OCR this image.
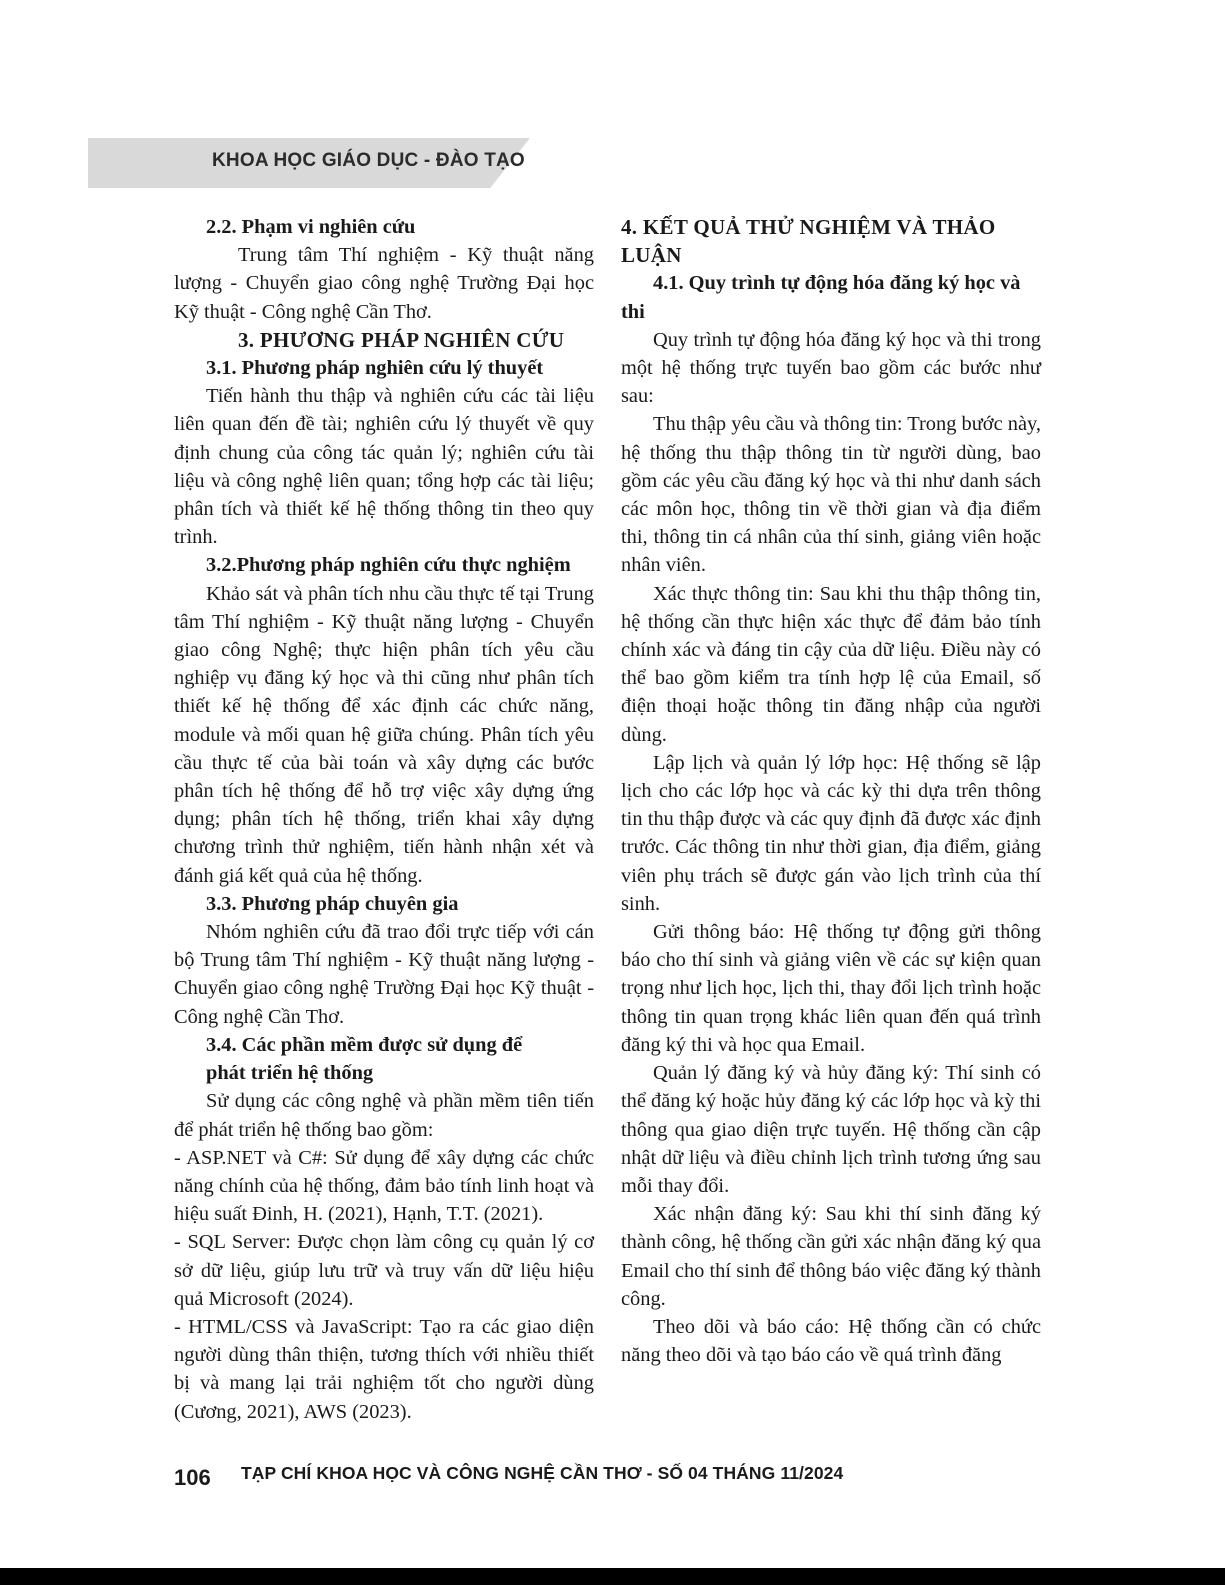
KHOA HỌC GIÁO DỤC - ĐÀO TẠO
2.2. Phạm vi nghiên cứu

Trung tâm Thí nghiệm - Kỹ thuật năng lượng - Chuyển giao công nghệ Trường Đại học Kỹ thuật - Công nghệ Cần Thơ.

3. PHƯƠNG PHÁP NGHIÊN CỨU
3.1. Phương pháp nghiên cứu lý thuyết

Tiến hành thu thập và nghiên cứu các tài liệu liên quan đến đề tài; nghiên cứu lý thuyết về quy định chung của công tác quản lý; nghiên cứu tài liệu và công nghệ liên quan; tổng hợp các tài liệu; phân tích và thiết kế hệ thống thông tin theo quy trình.

3.2.Phương pháp nghiên cứu thực nghiệm

Khảo sát và phân tích nhu cầu thực tế tại Trung tâm Thí nghiệm - Kỹ thuật năng lượng - Chuyển giao công Nghệ; thực hiện phân tích yêu cầu nghiệp vụ đăng ký học và thi cũng như phân tích thiết kế hệ thống để xác định các chức năng, module và mối quan hệ giữa chúng. Phân tích yêu cầu thực tế của bài toán và xây dựng các bước phân tích hệ thống để hỗ trợ việc xây dựng ứng dụng; phân tích hệ thống, triển khai xây dựng chương trình thử nghiệm, tiến hành nhận xét và đánh giá kết quả của hệ thống.

3.3. Phương pháp chuyên gia

Nhóm nghiên cứu đã trao đổi trực tiếp với cán bộ Trung tâm Thí nghiệm - Kỹ thuật năng lượng - Chuyển giao công nghệ Trường Đại học Kỹ thuật - Công nghệ Cần Thơ.

3.4. Các phần mềm được sử dụng để
phát triển hệ thống

Sử dụng các công nghệ và phần mềm tiên tiến để phát triển hệ thống bao gồm:

- ASP.NET và C#: Sử dụng để xây dựng các chức năng chính của hệ thống, đảm bảo tính linh hoạt và hiệu suất Đinh, H. (2021), Hạnh, T.T. (2021).

- SQL Server: Được chọn làm công cụ quản lý cơ sở dữ liệu, giúp lưu trữ và truy vấn dữ liệu hiệu quả Microsoft (2024).

- HTML/CSS và JavaScript: Tạo ra các giao diện người dùng thân thiện, tương thích với nhiều thiết bị và mang lại trải nghiệm tốt cho người dùng (Cương, 2021), AWS (2023).

4. KẾT QUẢ THỬ NGHIỆM VÀ THẢO LUẬN
4.1. Quy trình tự động hóa đăng ký học và thi

Quy trình tự động hóa đăng ký học và thi trong một hệ thống trực tuyến bao gồm các bước như sau:

Thu thập yêu cầu và thông tin: Trong bước này, hệ thống thu thập thông tin từ người dùng, bao gồm các yêu cầu đăng ký học và thi như danh sách các môn học, thông tin về thời gian và địa điểm thi, thông tin cá nhân của thí sinh, giảng viên hoặc nhân viên.

Xác thực thông tin: Sau khi thu thập thông tin, hệ thống cần thực hiện xác thực để đảm bảo tính chính xác và đáng tin cậy của dữ liệu. Điều này có thể bao gồm kiểm tra tính hợp lệ của Email, số điện thoại hoặc thông tin đăng nhập của người dùng.

Lập lịch và quản lý lớp học: Hệ thống sẽ lập lịch cho các lớp học và các kỳ thi dựa trên thông tin thu thập được và các quy định đã được xác định trước. Các thông tin như thời gian, địa điểm, giảng viên phụ trách sẽ được gán vào lịch trình của thí sinh.

Gửi thông báo: Hệ thống tự động gửi thông báo cho thí sinh và giảng viên về các sự kiện quan trọng như lịch học, lịch thi, thay đổi lịch trình hoặc thông tin quan trọng khác liên quan đến quá trình đăng ký thi và học qua Email.

Quản lý đăng ký và hủy đăng ký: Thí sinh có thể đăng ký hoặc hủy đăng ký các lớp học và kỳ thi thông qua giao diện trực tuyến. Hệ thống cần cập nhật dữ liệu và điều chỉnh lịch trình tương ứng sau mỗi thay đổi.

Xác nhận đăng ký: Sau khi thí sinh đăng ký thành công, hệ thống cần gửi xác nhận đăng ký qua Email cho thí sinh để thông báo việc đăng ký thành công.

Theo dõi và báo cáo: Hệ thống cần có chức năng theo dõi và tạo báo cáo về quá trình đăng

106 TẠP CHÍ KHOA HỌC VÀ CÔNG NGHỆ CẦN THƠ - SỐ 04 THÁNG 11/2024
